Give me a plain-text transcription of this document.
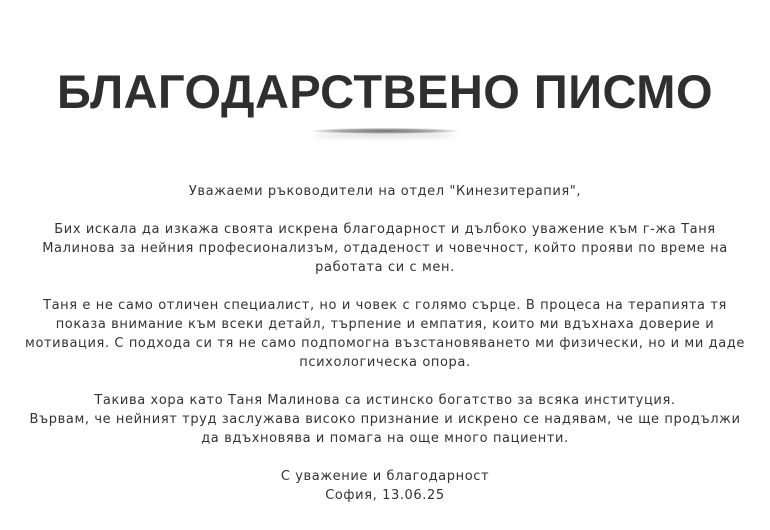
БЛАГОДАРСТВЕНО ПИСМО

Уважаеми ръководители на отдел "Кинезитерапия",

Бих искала да изкажа своята искрена благодарност и дълбоко уважение към г-жа Таня Малинова за нейния професионализъм, отдаденост и човечност, който прояви по време на работата си с мен.

Таня е не само отличен специалист, но и човек с голямо сърце. В процеса на терапията тя показа внимание към всеки детайл, търпение и емпатия, които ми вдъхнаха доверие и мотивация. С подхода си тя не само подпомогна възстановяването ми физически, но и ми даде психологическа опора.

Такива хора като Таня Малинова са истинско богатство за всяка институция.
Вървам, че нейният труд заслужава високо признание и искрено се надявам, че ще продължи да вдъхновява и помага на още много пациенти.

С уважение и благодарност

София, 13.06.25
